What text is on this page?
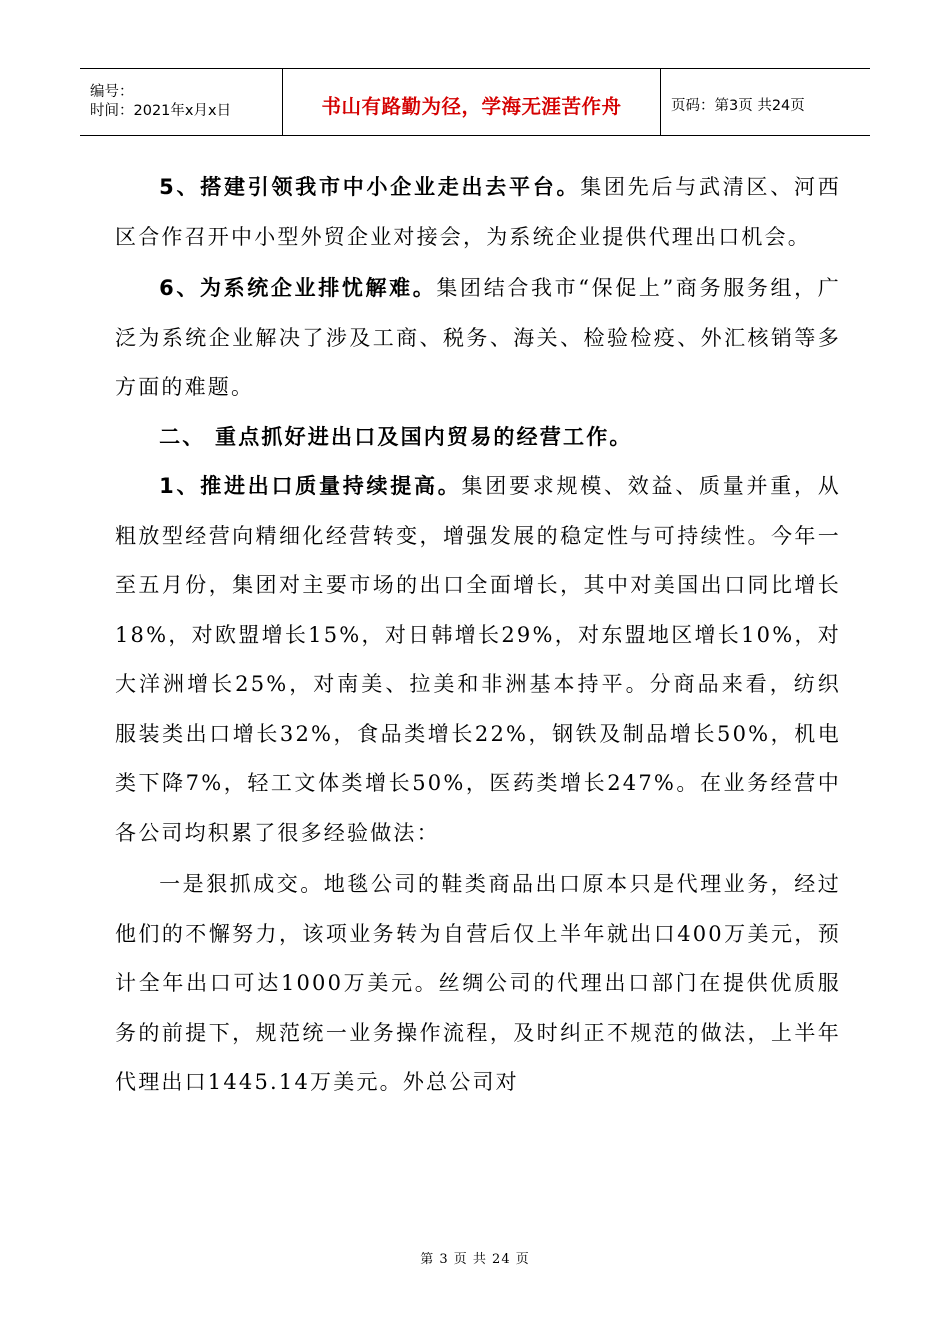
编号：
时间：2021年x月x日	书山有路勤为径，学海无涯苦作舟	页码：第3页 共24页

5、搭建引领我市中小企业走出去平台。集团先后与武清区、河西区合作召开中小型外贸企业对接会，为系统企业提供代理出口机会。

6、为系统企业排忧解难。集团结合我市“保促上”商务服务组，广泛为系统企业解决了涉及工商、税务、海关、检验检疫、外汇核销等多方面的难题。

二、 重点抓好进出口及国内贸易的经营工作。

1、推进出口质量持续提高。集团要求规模、效益、质量并重，从粗放型经营向精细化经营转变，增强发展的稳定性与可持续性。今年一至五月份，集团对主要市场的出口全面增长，其中对美国出口同比增长18%，对欧盟增长15%，对日韩增长29%，对东盟地区增长10%，对大洋洲增长25%，对南美、拉美和非洲基本持平。分商品来看，纺织服装类出口增长32%，食品类增长22%，钢铁及制品增长50%，机电类下降7%，轻工文体类增长50%，医药类增长247%。在业务经营中各公司均积累了很多经验做法：

一是狠抓成交。地毯公司的鞋类商品出口原本只是代理业务，经过他们的不懈努力，该项业务转为自营后仅上半年就出口400万美元，预计全年出口可达1000万美元。丝绸公司的代理出口部门在提供优质服务的前提下，规范统一业务操作流程，及时纠正不规范的做法，上半年代理出口1445.14万美元。外总公司对

第 3 页 共 24 页
